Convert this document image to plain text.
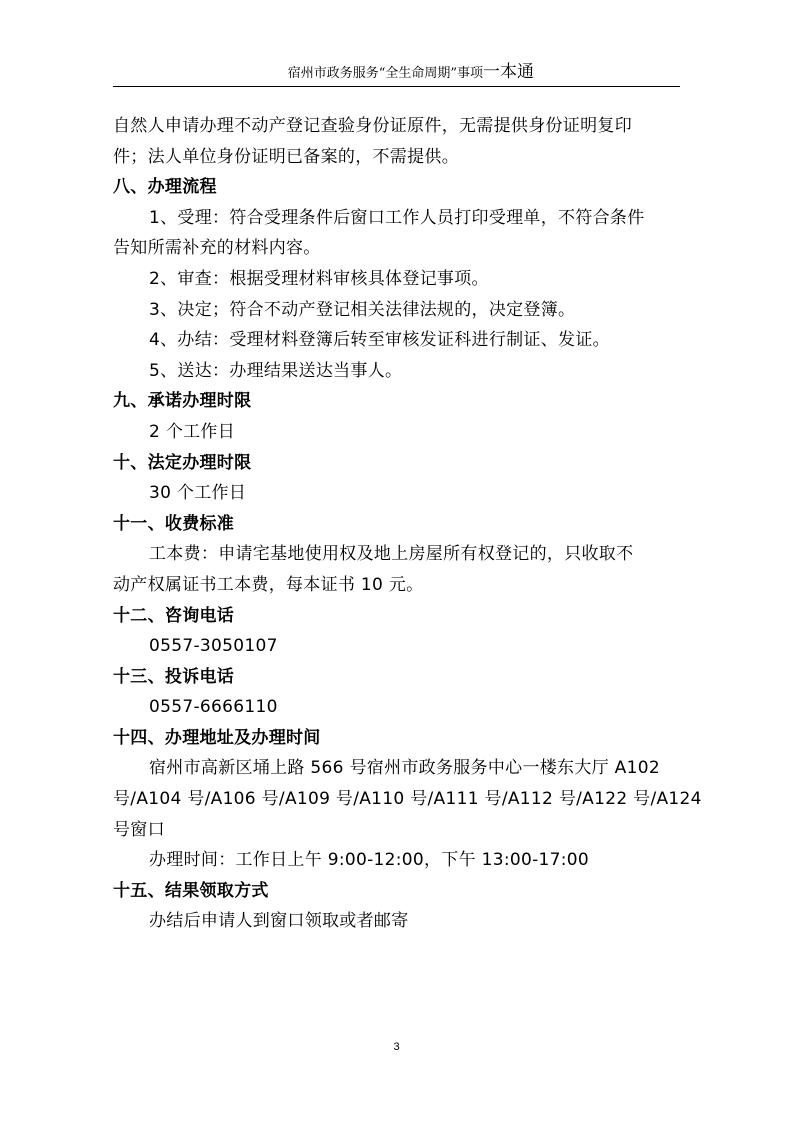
宿州市政务服务“全生命周期”事项一本通
自然人申请办理不动产登记查验身份证原件，无需提供身份证明复印
件；法人单位身份证明已备案的，不需提供。
八、办理流程
1、受理：符合受理条件后窗口工作人员打印受理单，不符合条件
告知所需补充的材料内容。
2、审查：根据受理材料审核具体登记事项。
3、决定；符合不动产登记相关法律法规的，决定登簿。
4、办结：受理材料登簿后转至审核发证科进行制证、发证。
5、送达：办理结果送达当事人。
九、承诺办理时限
2 个工作日
十、法定办理时限
30 个工作日
十一、收费标准
工本费：申请宅基地使用权及地上房屋所有权登记的，只收取不
动产权属证书工本费，每本证书 10 元。
十二、咨询电话
0557-3050107
十三、投诉电话
0557-6666110
十四、办理地址及办理时间
宿州市高新区埇上路 566 号宿州市政务服务中心一楼东大厅 A102
号/A104 号/A106 号/A109 号/A110 号/A111 号/A112 号/A122 号/A124
号窗口
办理时间：工作日上午 9:00-12:00，下午 13:00-17:00
十五、结果领取方式
办结后申请人到窗口领取或者邮寄
3
